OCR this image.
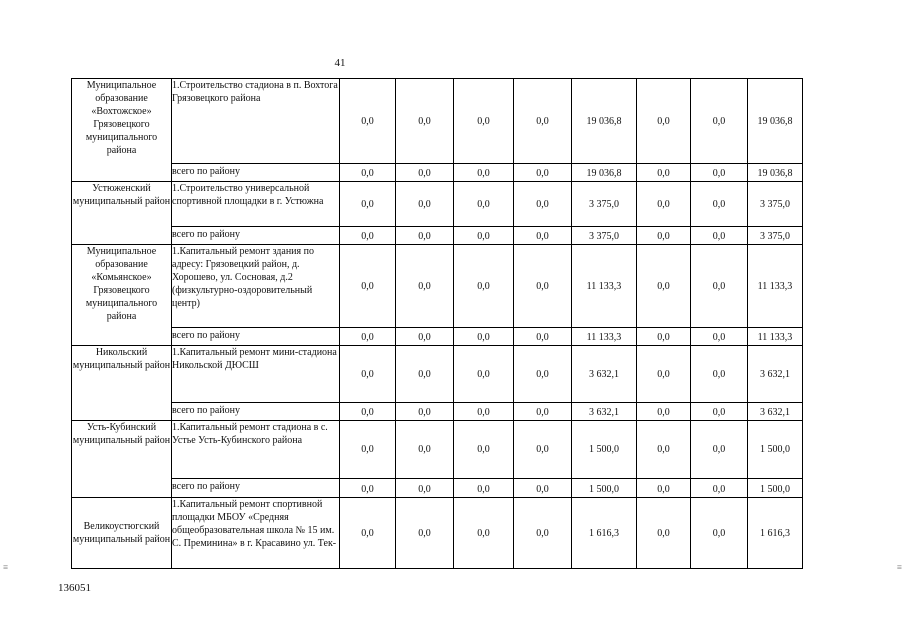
41
Муниципальное образование «Вохтожское» Грязовецкого муниципального района	1.Строительство стадиона в п. Вохтога Грязовецкого района	0,0	0,0	0,0	0,0	19 036,8	0,0	0,0	19 036,8
	всего по району	0,0	0,0	0,0	0,0	19 036,8	0,0	0,0	19 036,8
Устюженский муниципальный район	1.Строительство универсальной спортивной площадки в г. Устюжна	0,0	0,0	0,0	0,0	3 375,0	0,0	0,0	3 375,0
	всего по району	0,0	0,0	0,0	0,0	3 375,0	0,0	0,0	3 375,0
Муниципальное образование «Комьянское» Грязовецкого муниципального района	1.Капитальный ремонт здания по адресу: Грязовецкий район, д. Хорошево, ул. Сосновая, д.2 (физкультурно-оздоровительный центр)	0,0	0,0	0,0	0,0	11 133,3	0,0	0,0	11 133,3
	всего по району	0,0	0,0	0,0	0,0	11 133,3	0,0	0,0	11 133,3
Никольский муниципальный район	1.Капитальный ремонт мини-стадиона Никольской ДЮСШ	0,0	0,0	0,0	0,0	3 632,1	0,0	0,0	3 632,1
	всего по району	0,0	0,0	0,0	0,0	3 632,1	0,0	0,0	3 632,1
Усть-Кубинский муниципальный район	1.Капитальный ремонт стадиона в с. Устье Усть-Кубинского района	0,0	0,0	0,0	0,0	1 500,0	0,0	0,0	1 500,0
	всего по району	0,0	0,0	0,0	0,0	1 500,0	0,0	0,0	1 500,0
Великоустюгский муниципальный район	1.Капитальный ремонт спортивной площадки МБОУ «Средняя общеобразовательная школа № 15 им. С. Преминина» в г. Красавино ул. Тек-	0,0	0,0	0,0	0,0	1 616,3	0,0	0,0	1 616,3
136051
≡	≡
